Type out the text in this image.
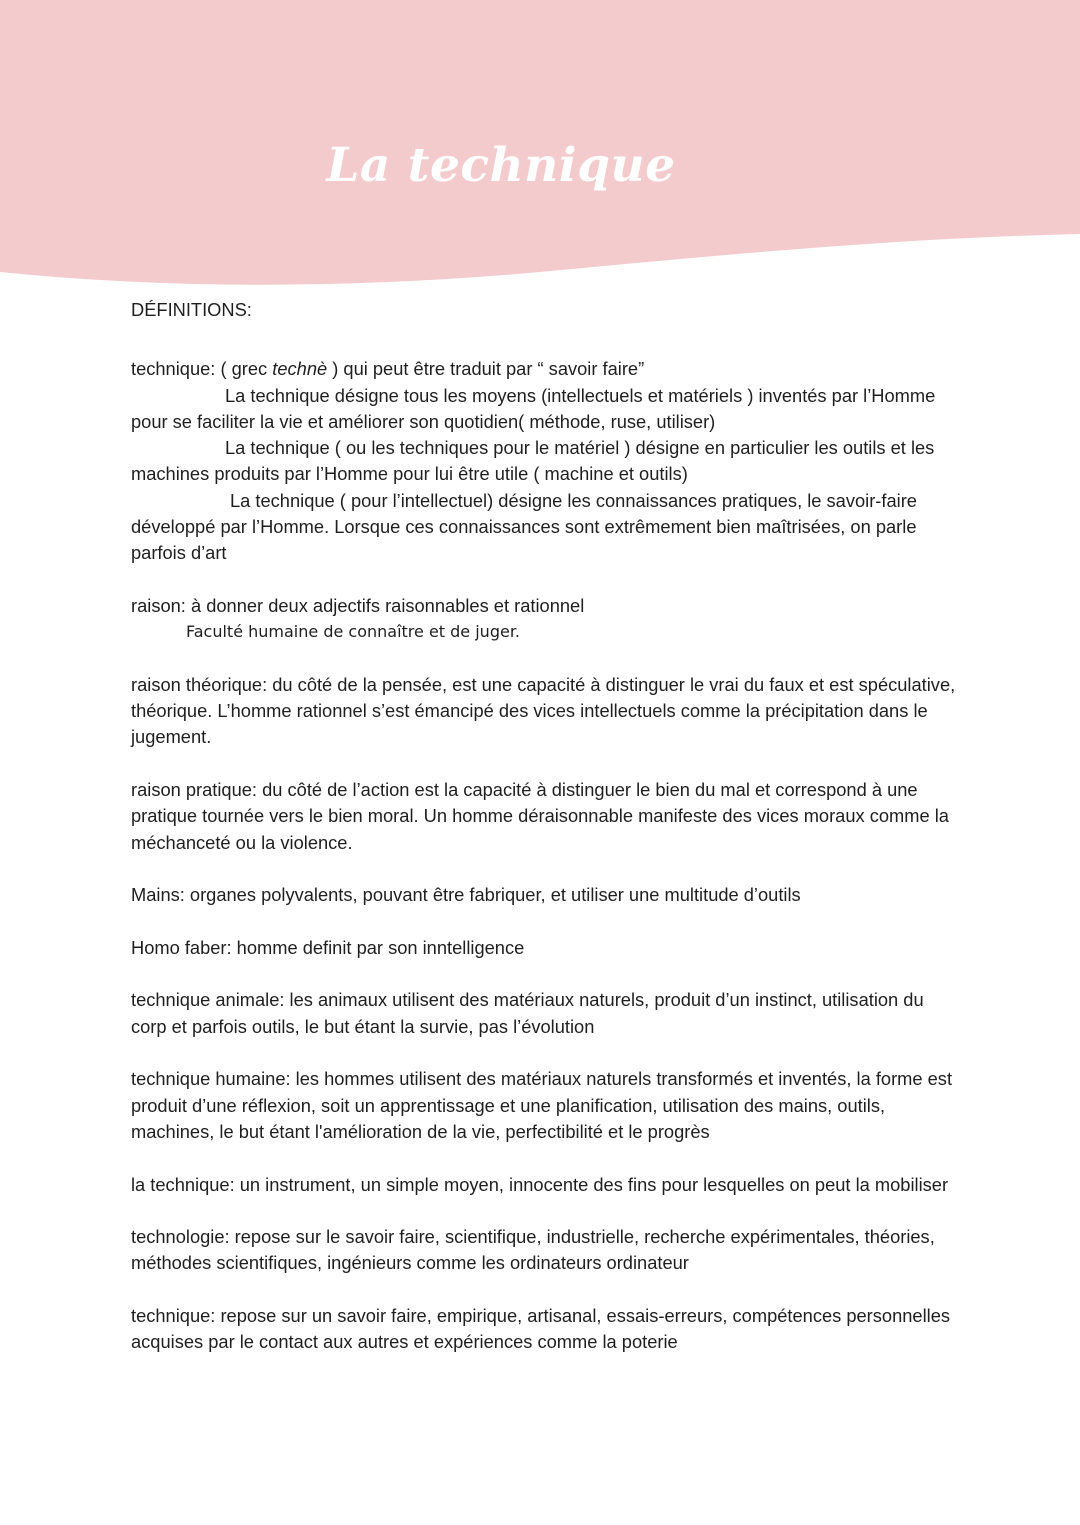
La technique

DÉFINITIONS:

technique: ( grec technè ) qui peut être traduit par “ savoir faire”

La technique désigne tous les moyens (intellectuels et matériels ) inventés par l’Homme pour se faciliter la vie et améliorer son quotidien( méthode, ruse, utiliser)

La technique ( ou les techniques pour le matériel ) désigne en particulier les outils et les machines produits par l’Homme pour lui être utile ( machine et outils)

La technique ( pour l’intellectuel) désigne les connaissances pratiques, le savoir-faire développé par l’Homme. Lorsque ces connaissances sont extrêmement bien maîtrisées, on parle parfois d’art

raison: à donner deux adjectifs raisonnables et rationnel

Faculté humaine de connaître et de juger.

raison théorique: du côté de la pensée, est une capacité à distinguer le vrai du faux et est spéculative, théorique. L’homme rationnel s’est émancipé des vices intellectuels comme la précipitation dans le jugement.

raison pratique: du côté de l’action est la capacité à distinguer le bien du mal et correspond à une pratique tournée vers le bien moral. Un homme déraisonnable manifeste des vices moraux comme la méchanceté ou la violence.

Mains: organes polyvalents, pouvant être fabriquer, et utiliser une multitude d’outils

Homo faber: homme definit par son inntelligence

technique animale: les animaux utilisent des matériaux naturels, produit d’un instinct, utilisation du corp et parfois outils, le but étant la survie, pas l’évolution

technique humaine: les hommes utilisent des matériaux naturels transformés et inventés, la forme est produit d’une réflexion, soit un apprentissage et une planification, utilisation des mains, outils, machines, le but étant l'amélioration de la vie, perfectibilité et le progrès

la technique: un instrument, un simple moyen, innocente des fins pour lesquelles on peut la mobiliser

technologie: repose sur le savoir faire, scientifique, industrielle, recherche expérimentales, théories, méthodes scientifiques, ingénieurs comme les ordinateurs ordinateur

technique: repose sur un savoir faire, empirique, artisanal, essais-erreurs, compétences personnelles acquises par le contact aux autres et expériences comme la poterie
